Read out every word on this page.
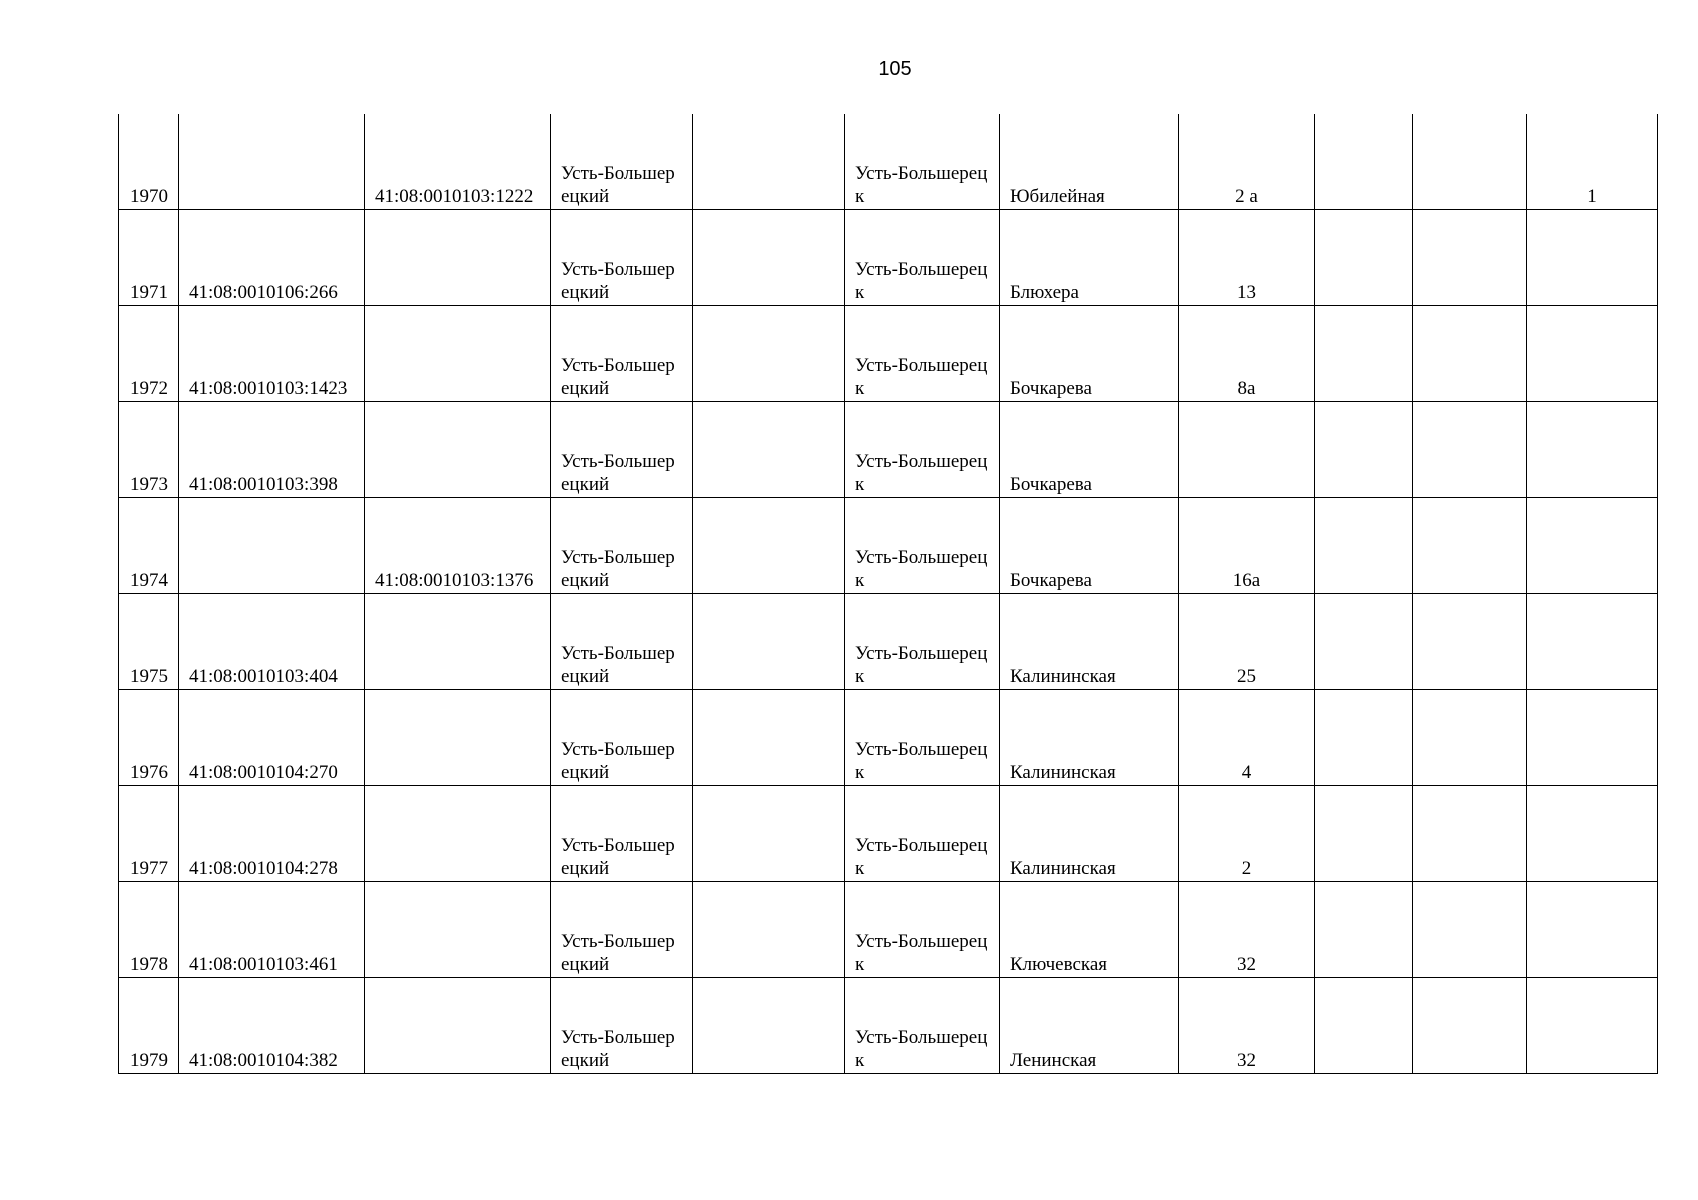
105
1970		41:08:0010103:1222	Усть-Большерецкий		Усть-Большерецк	Юбилейная	2 а			1

1971	41:08:0010106:266		Усть-Большерецкий		Усть-Большерецк	Блюхера	13			

1972	41:08:0010103:1423		Усть-Большерецкий		Усть-Большерецк	Бочкарева	8а			

1973	41:08:0010103:398		Усть-Большерецкий		Усть-Большерецк	Бочкарева				

1974		41:08:0010103:1376	Усть-Большерецкий		Усть-Большерецк	Бочкарева	16а			

1975	41:08:0010103:404		Усть-Большерецкий		Усть-Большерецк	Калининская	25			

1976	41:08:0010104:270		Усть-Большерецкий		Усть-Большерецк	Калининская	4			

1977	41:08:0010104:278		Усть-Большерецкий		Усть-Большерецк	Калининская	2			

1978	41:08:0010103:461		Усть-Большерецкий		Усть-Большерецк	Ключевская	32			

1979	41:08:0010104:382		Усть-Большерецкий		Усть-Большерецк	Ленинская	32			
